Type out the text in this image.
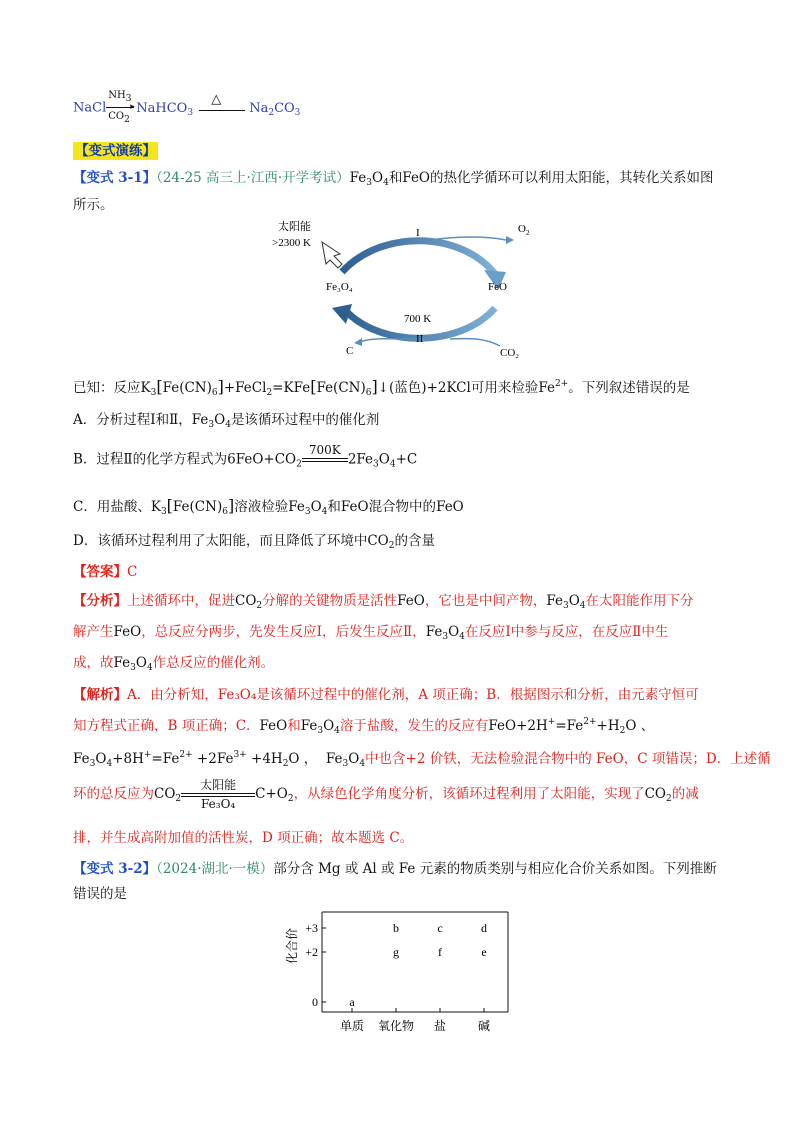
NaCl
$NH_3$
▸
$CO_2$
NaHCO$_3$
△
$Na_2CO_3$
【变式演练】
【变式 3-1】（24-25 高三上·江西·开学考试）$Fe_3O_4$和FeO的热化学循环可以利用太阳能，其转化关系如图
所示。
太阳能
>2300 K
I	$O_2$
Fe₃O₄	FeO
700 K
II
C	CO₂
已知：反应$K_3[Fe(CN)_6]+FeCl_2=KFe[Fe(CN)_6]↓$(蓝色)+2KCl可用来检验$Fe^{2+}$。下列叙述错误的是
A．分析过程Ⅰ和Ⅱ，$Fe_3O_4$是该循环过程中的催化剂
B．过程Ⅱ的化学方程式为$6FeO+CO_2$
700K

$2Fe_3O_4+C$
C．用盐酸、$K_3[Fe(CN)_6]$溶液检验$Fe_3O_4$和FeO混合物中的FeO
D．该循环过程利用了太阳能，而且降低了环境中$CO_2$的含量
【答案】C
【分析】上述循环中，促进$CO_2$分解的关键物质是活性FeO，它也是中间产物，$Fe_3O_4$在太阳能作用下分
解产生FeO，总反应分两步，先发生反应Ⅰ，后发生反应Ⅱ，$Fe_3O_4$在反应Ⅰ中参与反应，在反应Ⅱ中生
成，故$Fe_3O_4$作总反应的催化剂。
【解析】A．由分析知，Fe₃O₄是该循环过程中的催化剂，A 项正确；B．根据图示和分析，由元素守恒可
知方程式正确，B 项正确；C．FeO和$Fe_3O_4$溶于盐酸，发生的反应有$FeO+2H^+=Fe^{2+}+H_2O$ 、
$Fe_3O_4+8H^+=Fe^{2+} +2Fe^{3+} +4H_2O$ ， $Fe_3O_4$中也含+2 价铁，无法检验混合物中的 FeO，C 项错误；D．上述循
环的总反应为$CO_2 \frac{\text{太阳能}}{\text{Fe₃O₄}} C+O_2$，从绿色化学角度分析，该循环过程利用了太阳能，实现了$CO_2$的减
排，并生成高附加值的活性炭，D 项正确；故本题选 C。
【变式 3-2】（2024·湖北·一模）部分含 Mg 或 Al 或 Fe 元素的物质类别与相应化合价关系如图。下列推断
错误的是
化合价
单质 氧化物 盐	碱
+3
+2
0	a
b	c	d
g	f	e
